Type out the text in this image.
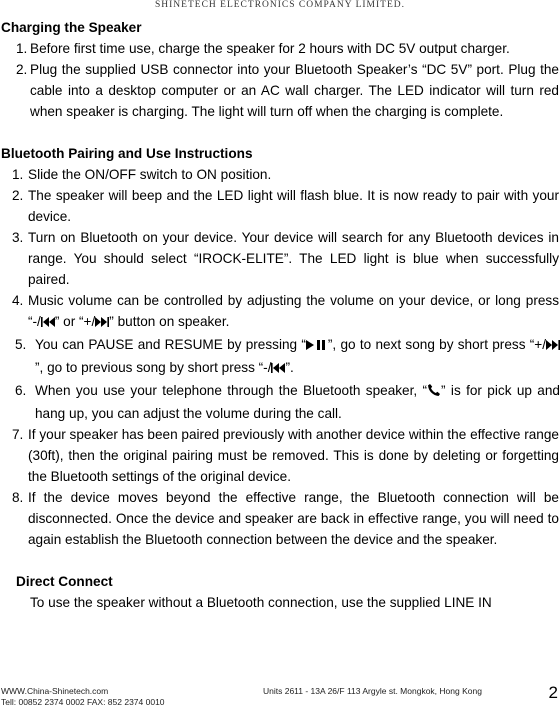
SHINETECH ELECTRONICS COMPANY LIMITED.
Charging the Speaker
1. Before first time use, charge the speaker for 2 hours with DC 5V output charger.
2. Plug the supplied USB connector into your Bluetooth Speaker’s “DC 5V” port. Plug the cable into a desktop computer or an AC wall charger. The LED indicator will turn red when speaker is charging. The light will turn off when the charging is complete.
Bluetooth Pairing and Use Instructions
1. Slide the ON/OFF switch to ON position.
2. The speaker will beep and the LED light will flash blue. It is now ready to pair with your device.
3. Turn on Bluetooth on your device. Your device will search for any Bluetooth devices in range. You should select “IROCK-ELITE”. The LED light is blue when successfully paired.
4. Music volume can be controlled by adjusting the volume on your device, or long press “-/ ” or “+/ ” button on speaker.
5. You can PAUSE and RESUME by pressing “ ”, go to next song by short press “+/”, go to previous song by short press “-/ ”.
6. When you use your telephone through the Bluetooth speaker, “ ” is for pick up and hang up, you can adjust the volume during the call.
7. If your speaker has been paired previously with another device within the effective range (30ft), then the original pairing must be removed. This is done by deleting or forgetting the Bluetooth settings of the original device.
8. If the device moves beyond the effective range, the Bluetooth connection will be disconnected. Once the device and speaker are back in effective range, you will need to again establish the Bluetooth connection between the device and the speaker.
Direct Connect
To use the speaker without a Bluetooth connection, use the supplied LINE IN
WWW.China-Shinetech.com
Tell: 00852 2374 0002 FAX: 852 2374 0010
Units 2611 - 13A 26/F 113 Argyle st. Mongkok, Hong Kong	2
